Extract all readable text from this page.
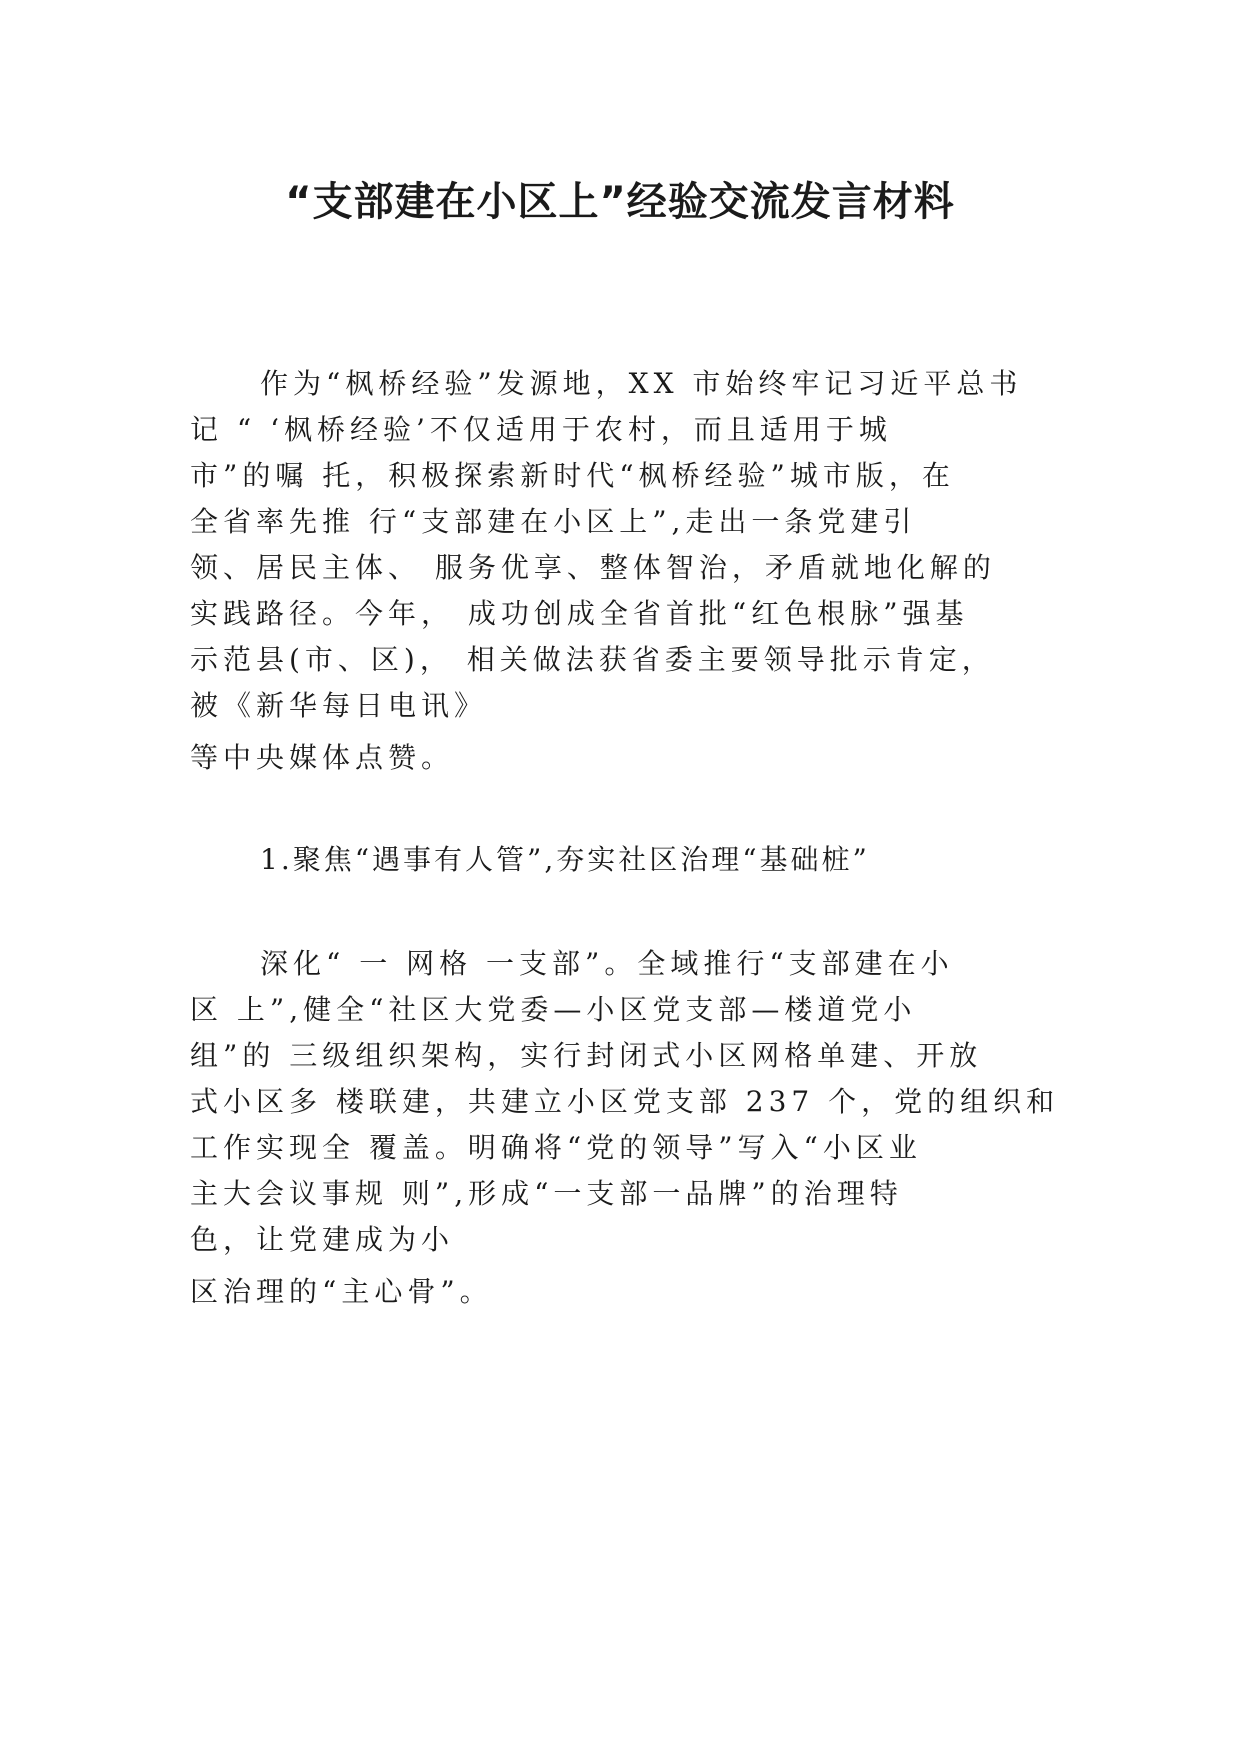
“支部建在小区上”经验交流发言材料

作为“枫桥经验”发源地，XX 市始终牢记习近平总书

记 “ ‘枫桥经验’不仅适用于农村，而且适用于城

市”的嘱 托，积极探索新时代“枫桥经验”城市版，在

全省率先推 行“支部建在小区上”,走出一条党建引

领、居民主体、 服务优享、整体智治，矛盾就地化解的

实践路径。今年， 成功创成全省首批“红色根脉”强基

示范县(市、区)， 相关做法获省委主要领导批示肯定，

被《新华每日电讯》

等中央媒体点赞。

1.聚焦“遇事有人管”,夯实社区治理“基础桩”

深化“ 一 网格 一支部”。全域推行“支部建在小

区 上”,健全“社区大党委—小区党支部—楼道党小

组”的 三级组织架构，实行封闭式小区网格单建、开放

式小区多 楼联建，共建立小区党支部 237 个，党的组织和

工作实现全 覆盖。明确将“党的领导”写入“小区业

主大会议事规 则”,形成“一支部一品牌”的治理特

色，让党建成为小

区治理的“主心骨”。
